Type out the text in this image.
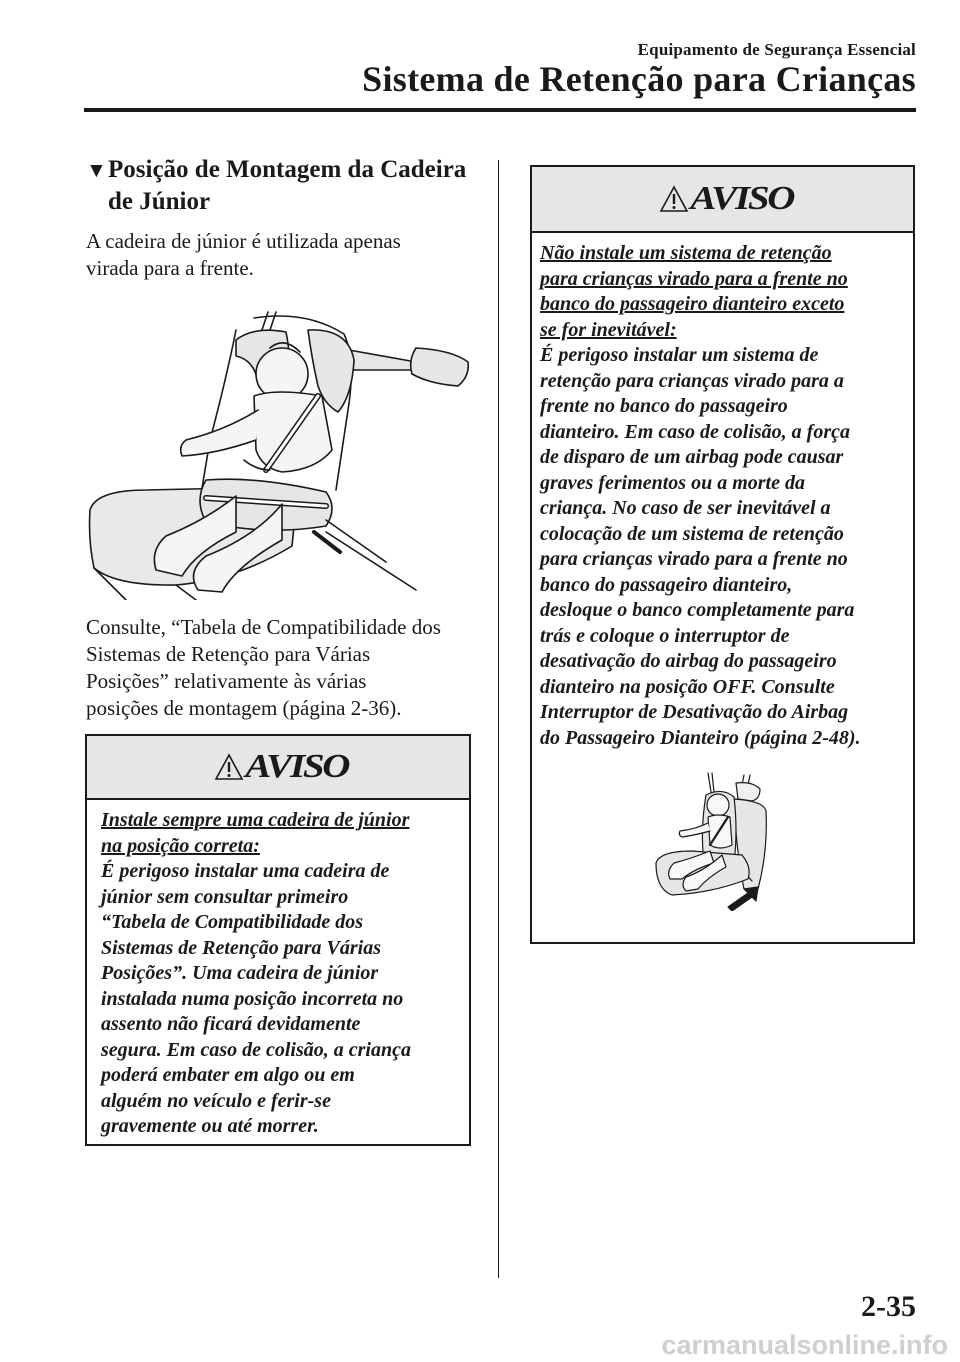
Equipamento de Segurança Essencial
Sistema de Retenção para Crianças
▼ Posição de Montagem da Cadeira
de Júnior
A cadeira de júnior é utilizada apenas
virada para a frente.
Consulte, “Tabela de Compatibilidade dos
Sistemas de Retenção para Várias
Posições” relativamente às várias
posições de montagem (página 2-36).
AVISO
Instale sempre uma cadeira de júnior
na posição correta:
É perigoso instalar uma cadeira de
júnior sem consultar primeiro
“Tabela de Compatibilidade dos
Sistemas de Retenção para Várias
Posições”. Uma cadeira de júnior
instalada numa posição incorreta no
assento não ficará devidamente
segura. Em caso de colisão, a criança
poderá embater em algo ou em
alguém no veículo e ferir-se
gravemente ou até morrer.
AVISO
Não instale um sistema de retenção
para crianças virado para a frente no
banco do passageiro dianteiro exceto
se for inevitável:
É perigoso instalar um sistema de
retenção para crianças virado para a
frente no banco do passageiro
dianteiro. Em caso de colisão, a força
de disparo de um airbag pode causar
graves ferimentos ou a morte da
criança. No caso de ser inevitável a
colocação de um sistema de retenção
para crianças virado para a frente no
banco do passageiro dianteiro,
desloque o banco completamente para
trás e coloque o interruptor de
desativação do airbag do passageiro
dianteiro na posição OFF. Consulte
Interruptor de Desativação do Airbag
do Passageiro Dianteiro (página 2-48).
2-35
carmanualsonline.info
